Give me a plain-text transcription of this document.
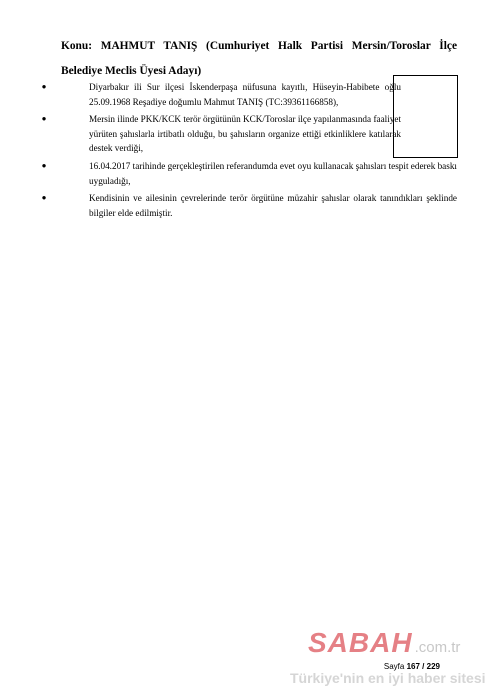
Konu: MAHMUT TANIŞ (Cumhuriyet Halk Partisi Mersin/Toroslar İlçe Belediye Meclis Üyesi Adayı)
●	Diyarbakır ili Sur ilçesi İskenderpaşa nüfusuna kayıtlı, Hüseyin-Habibete oğlu 25.09.1968 Reşadiye doğumlu Mahmut TANIŞ (TC:39361166858),
●	Mersin ilinde PKK/KCK terör örgütünün KCK/Toroslar ilçe yapılanmasında faaliyet yürüten şahıslarla irtibatlı olduğu, bu şahısların organize ettiği etkinliklere katılarak destek verdiği,
●	16.04.2017 tarihinde gerçekleştirilen referandumda evet oyu kullanacak şahısları tespit ederek baskı uyguladığı,
●	Kendisinin ve ailesinin çevrelerinde terör örgütüne müzahir şahıslar olarak tanındıkları şeklinde bilgiler elde edilmiştir.
SABAH .com.tr
Sayfa 167 / 229
Türkiye'nin en iyi haber sitesi
